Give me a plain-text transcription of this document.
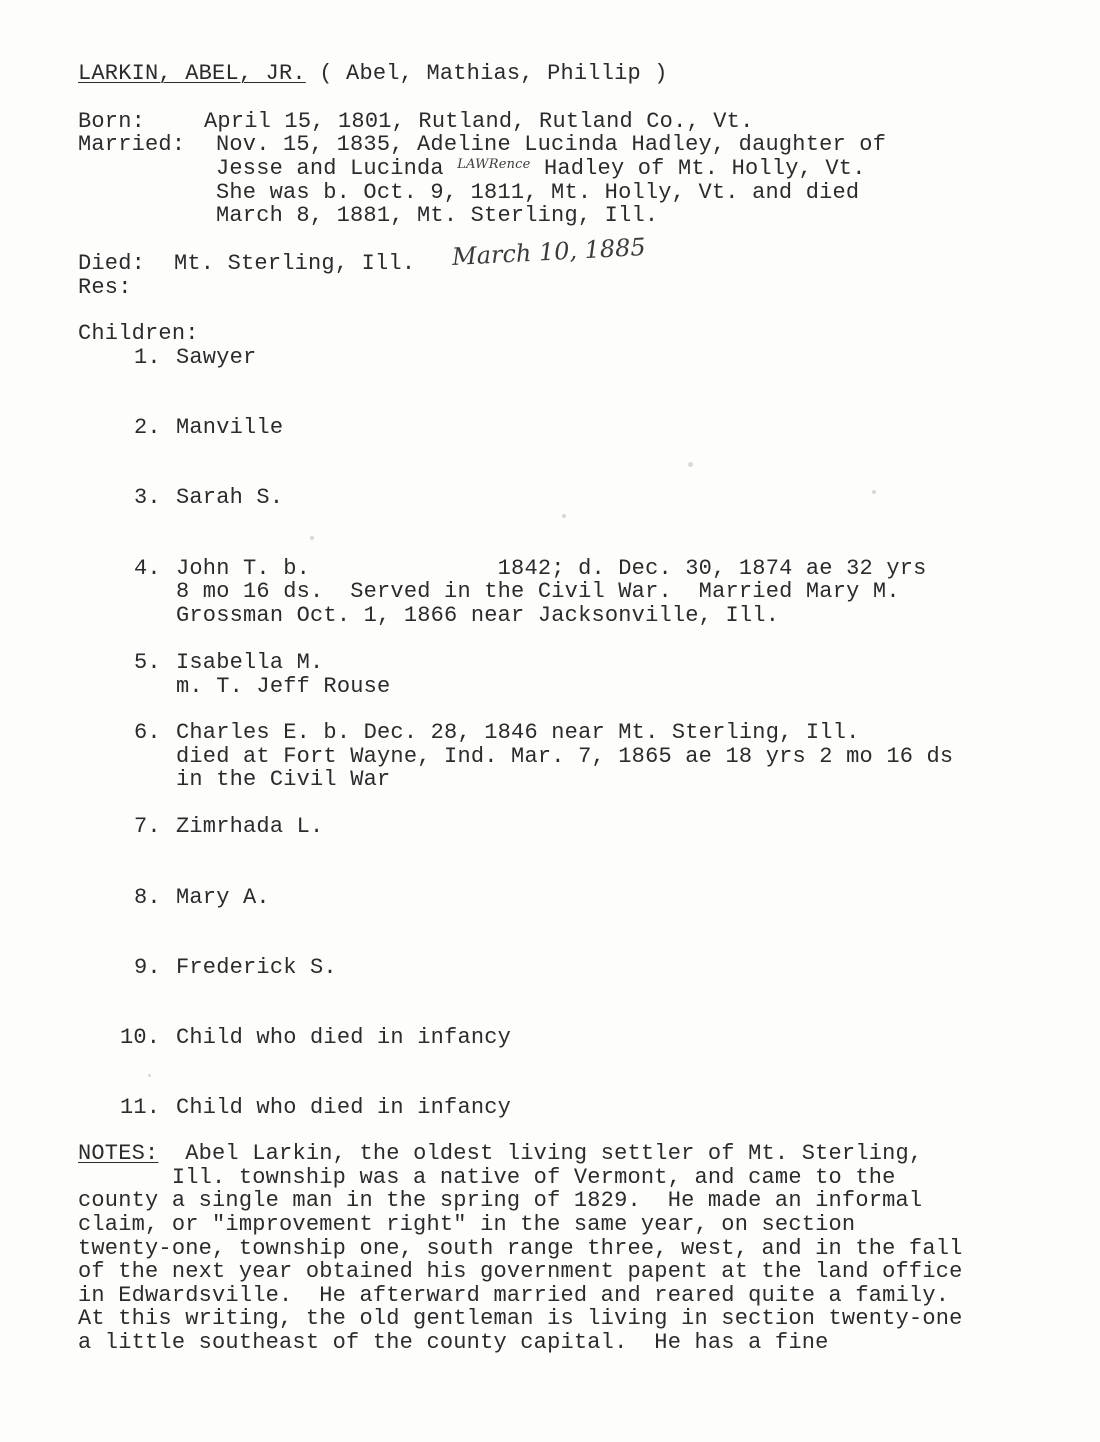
LARKIN, ABEL, JR. ( Abel, Mathias, Phillip )
Born:	April 15, 1801, Rutland, Rutland Co., Vt.
Married: Nov. 15, 1835, Adeline Lucinda Hadley, daughter of
Jesse and Lucinda $^{LAWRence}$ Hadley of Mt. Holly, Vt.
She was b. Oct. 9, 1811, Mt. Holly, Vt. and died
March 8, 1881, Mt. Sterling, Ill.
Died: Mt. Sterling, Ill. March 10, 1885
Res:
Children:
1. Sawyer
2. Manville
3. Sarah S.
4. John T. b.              1842; d. Dec. 30, 1874 ae 32 yrs
8 mo 16 ds.  Served in the Civil War.  Married Mary M.
Grossman Oct. 1, 1866 near Jacksonville, Ill.
5. Isabella M.
m. T. Jeff Rouse
6. Charles E. b. Dec. 28, 1846 near Mt. Sterling, Ill.
died at Fort Wayne, Ind. Mar. 7, 1865 ae 18 yrs 2 mo 16 ds
in the Civil War
7. Zimrhada L.
8. Mary A.
9. Frederick S.
10. Child who died in infancy
11. Child who died in infancy
NOTES:  Abel Larkin, the oldest living settler of Mt. Sterling,
Ill. township was a native of Vermont, and came to the
county a single man in the spring of 1829.  He made an informal
claim, or "improvement right" in the same year, on section
twenty-one, township one, south range three, west, and in the fall
of the next year obtained his government papent at the land office
in Edwardsville.  He afterward married and reared quite a family.
At this writing, the old gentleman is living in section twenty-one
a little southeast of the county capital.  He has a fine
